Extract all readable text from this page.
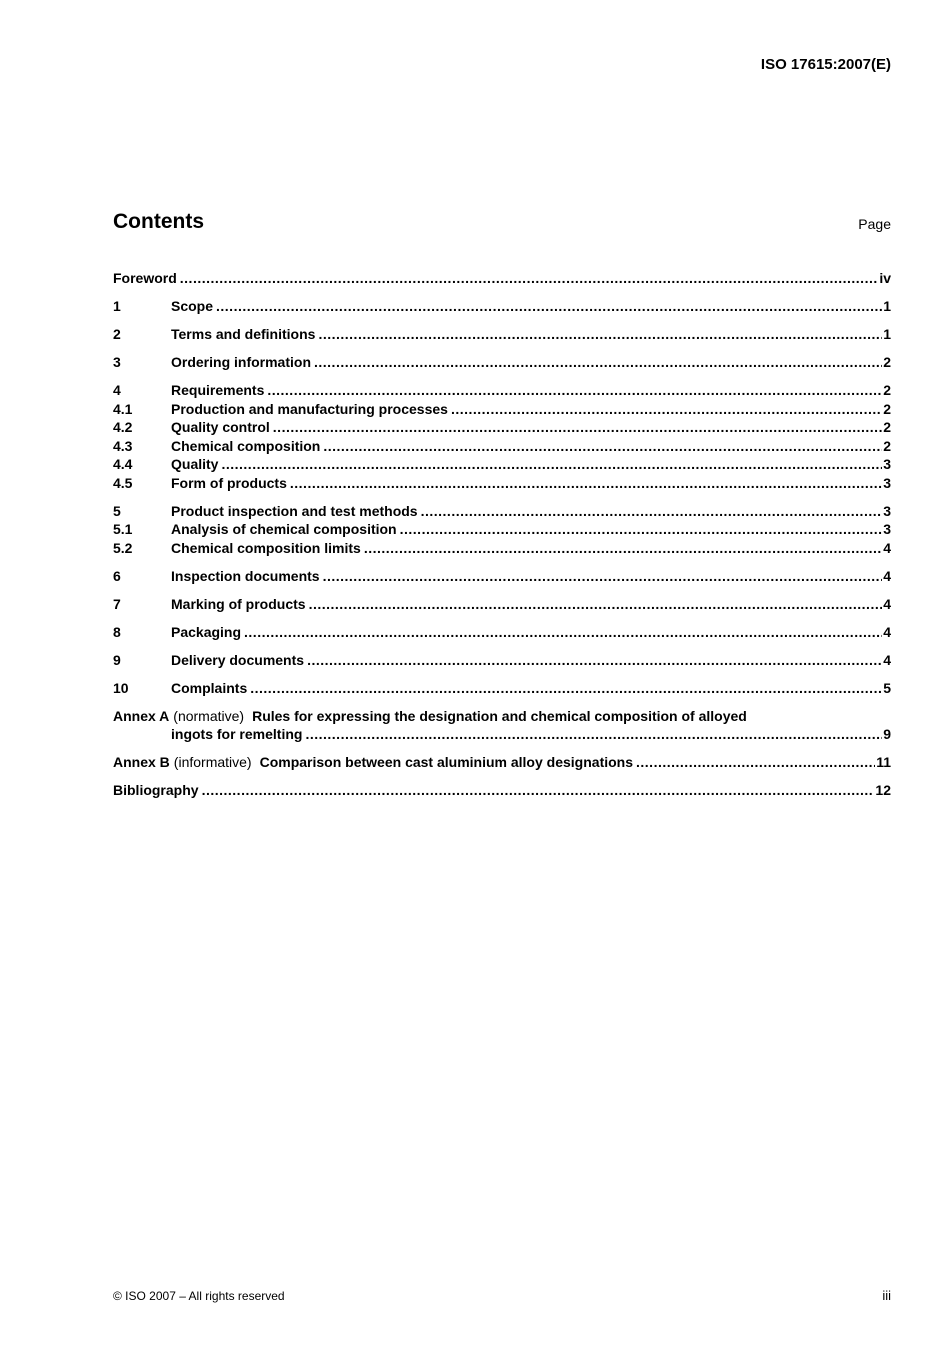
ISO 17615:2007(E)
Contents	Page
Foreword .....	iv
1	Scope .....	1
2	Terms and definitions .....	1
3	Ordering information .....	2
4	Requirements .....	2
4.1	Production and manufacturing processes .....	2
4.2	Quality control .....	2
4.3	Chemical composition .....	2
4.4	Quality .....	3
4.5	Form of products .....	3
5	Product inspection and test methods .....	3
5.1	Analysis of chemical composition .....	3
5.2	Chemical composition limits .....	4
6	Inspection documents .....	4
7	Marking of products .....	4
8	Packaging .....	4
9	Delivery documents .....	4
10	Complaints .....	5
Annex A (normative) Rules for expressing the designation and chemical composition of alloyed
ingots for remelting .....	9
Annex B (informative) Comparison between cast aluminium alloy designations .....	11
Bibliography .....	12
© ISO 2007 – All rights reserved	iii
